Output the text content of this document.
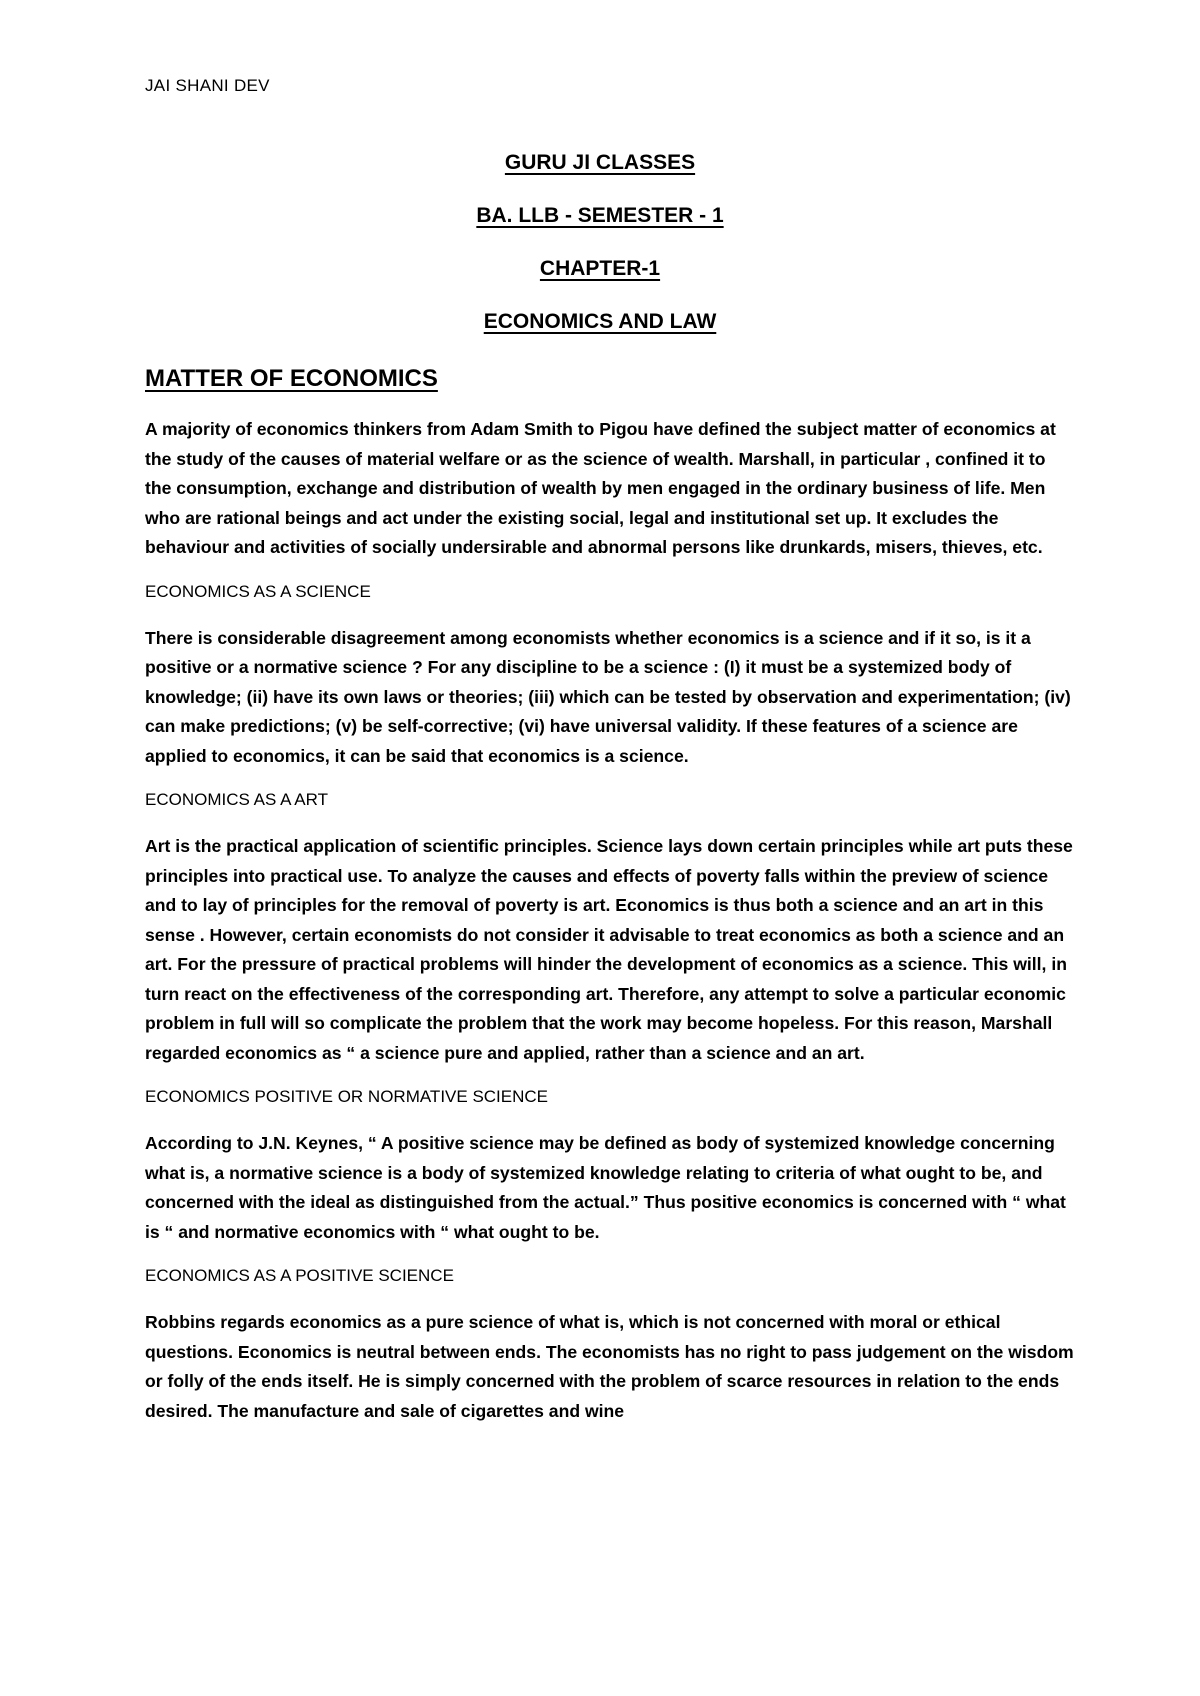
JAI SHANI DEV
GURU JI CLASSES
BA. LLB - SEMESTER - 1
CHAPTER-1
ECONOMICS AND LAW
MATTER OF ECONOMICS

A majority of economics thinkers from Adam Smith to Pigou have defined the subject matter of economics at the study of the causes of material welfare or as the science of wealth. Marshall, in particular , confined it to the consumption, exchange and distribution of wealth by men engaged in the ordinary business of life. Men who are rational beings and act under the existing social, legal and institutional set up. It excludes the behaviour and activities of socially undersirable and abnormal persons like drunkards, misers, thieves, etc.

ECONOMICS AS A SCIENCE

There is considerable disagreement among economists whether economics is a science and if it so, is it a positive or a normative science ? For any discipline to be a science : (I) it must be a systemized body of knowledge; (ii) have its own laws or theories; (iii) which can be tested by observation and experimentation; (iv) can make predictions; (v) be self-corrective; (vi) have universal validity. If these features of a science are applied to economics, it can be said that economics is a science.

ECONOMICS AS A ART

Art is the practical application of scientific principles. Science lays down certain principles while art puts these principles into practical use. To analyze the causes and effects of poverty falls within the preview of science and to lay of principles for the removal of poverty is art. Economics is thus both a science and an art in this sense . However, certain economists do not consider it advisable to treat economics as both a science and an art. For the pressure of practical problems will hinder the development of economics as a science. This will, in turn react on the effectiveness of the corresponding art. Therefore, any attempt to solve a particular economic problem in full will so complicate the problem that the work may become hopeless. For this reason, Marshall regarded economics as “ a science pure and applied, rather than a science and an art.

ECONOMICS POSITIVE OR NORMATIVE SCIENCE

According to J.N. Keynes, “ A positive science may be defined as body of systemized knowledge concerning what is, a normative science is a body of systemized knowledge relating to criteria of what ought to be, and concerned with the ideal as distinguished from the actual.” Thus positive economics is concerned with “ what is “ and normative economics with “ what ought to be.

ECONOMICS AS A POSITIVE SCIENCE

Robbins regards economics as a pure science of what is, which is not concerned with moral or ethical questions. Economics is neutral between ends. The economists has no right to pass judgement on the wisdom or folly of the ends itself. He is simply concerned with the problem of scarce resources in relation to the ends desired. The manufacture and sale of cigarettes and wine
